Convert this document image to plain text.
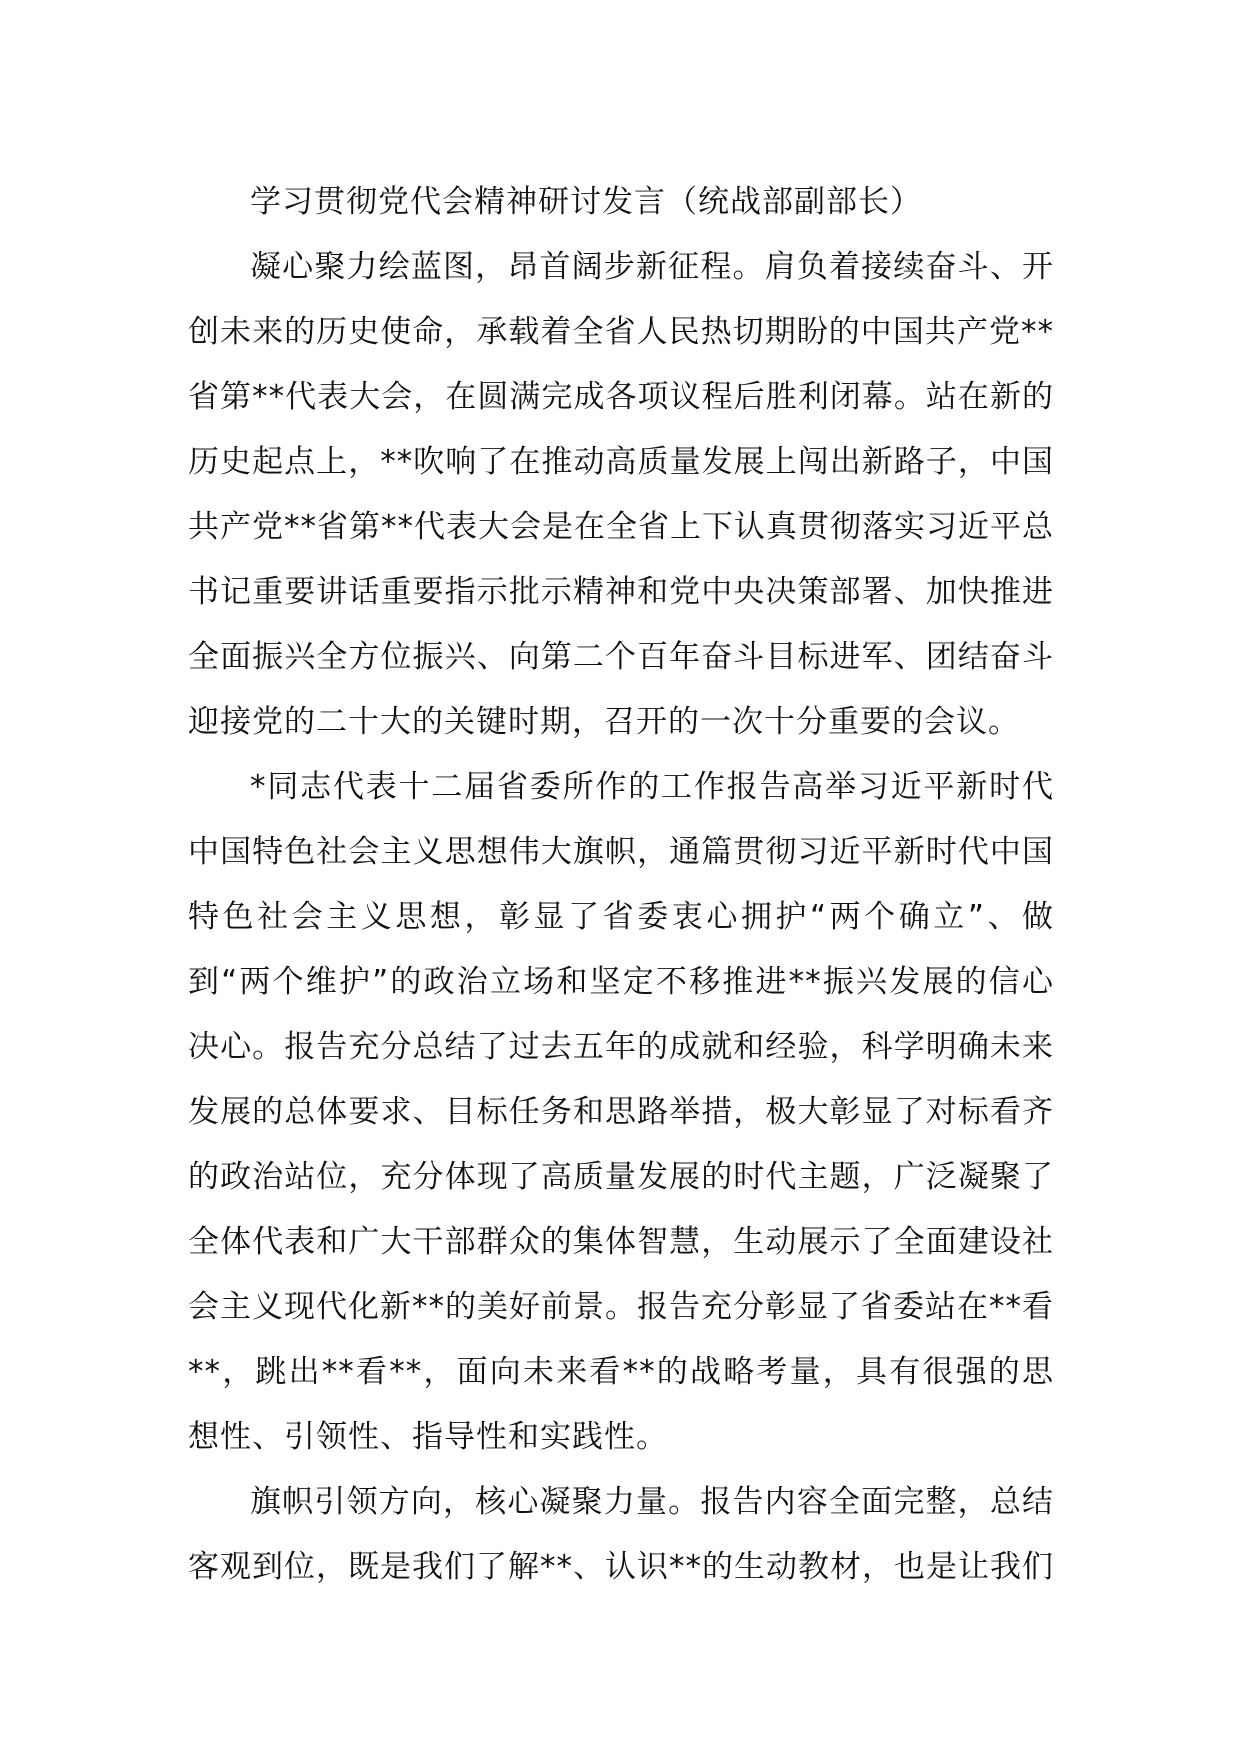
学习贯彻党代会精神研讨发言（统战部副部长）

凝心聚力绘蓝图，昂首阔步新征程。肩负着接续奋斗、开创未来的历史使命，承载着全省人民热切期盼的中国共产党**省第**代表大会，在圆满完成各项议程后胜利闭幕。站在新的历史起点上，**吹响了在推动高质量发展上闯出新路子，中国共产党**省第**代表大会是在全省上下认真贯彻落实习近平总书记重要讲话重要指示批示精神和党中央决策部署、加快推进全面振兴全方位振兴、向第二个百年奋斗目标进军、团结奋斗迎接党的二十大的关键时期，召开的一次十分重要的会议。

*同志代表十二届省委所作的工作报告高举习近平新时代中国特色社会主义思想伟大旗帜，通篇贯彻习近平新时代中国特色社会主义思想，彰显了省委衷心拥护“两个确立”、做到“两个维护”的政治立场和坚定不移推进**振兴发展的信心决心。报告充分总结了过去五年的成就和经验，科学明确未来发展的总体要求、目标任务和思路举措，极大彰显了对标看齐的政治站位，充分体现了高质量发展的时代主题，广泛凝聚了全体代表和广大干部群众的集体智慧，生动展示了全面建设社会主义现代化新**的美好前景。报告充分彰显了省委站在**看**，跳出**看**，面向未来看**的战略考量，具有很强的思想性、引领性、指导性和实践性。

旗帜引领方向，核心凝聚力量。报告内容全面完整，总结客观到位，既是我们了解**、认识**的生动教材，也是让我们
